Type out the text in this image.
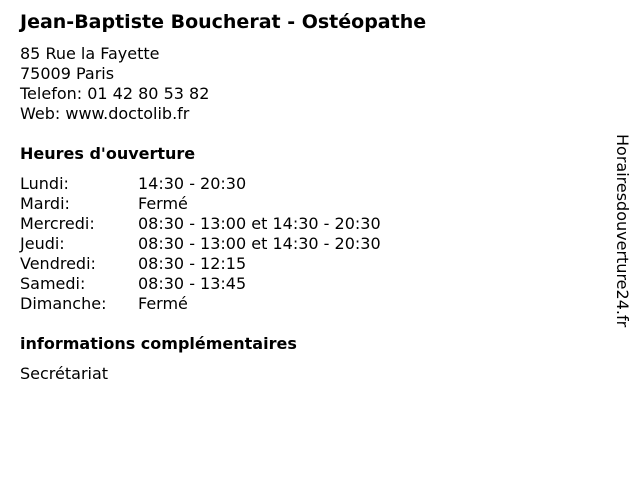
Jean-Baptiste Boucherat - Ostéopathe
85 Rue la Fayette
75009 Paris
Telefon: 01 42 80 53 82
Web: www.doctolib.fr
Heures d'ouverture
Lundi:	14:30 - 20:30
Mardi:	Fermé
Mercredi:	08:30 - 13:00 et 14:30 - 20:30
Jeudi:	08:30 - 13:00 et 14:30 - 20:30
Vendredi:	08:30 - 12:15
Samedi:	08:30 - 13:45
Dimanche: Fermé
informations complémentaires
Secrétariat
Horairesdouverture24.fr
